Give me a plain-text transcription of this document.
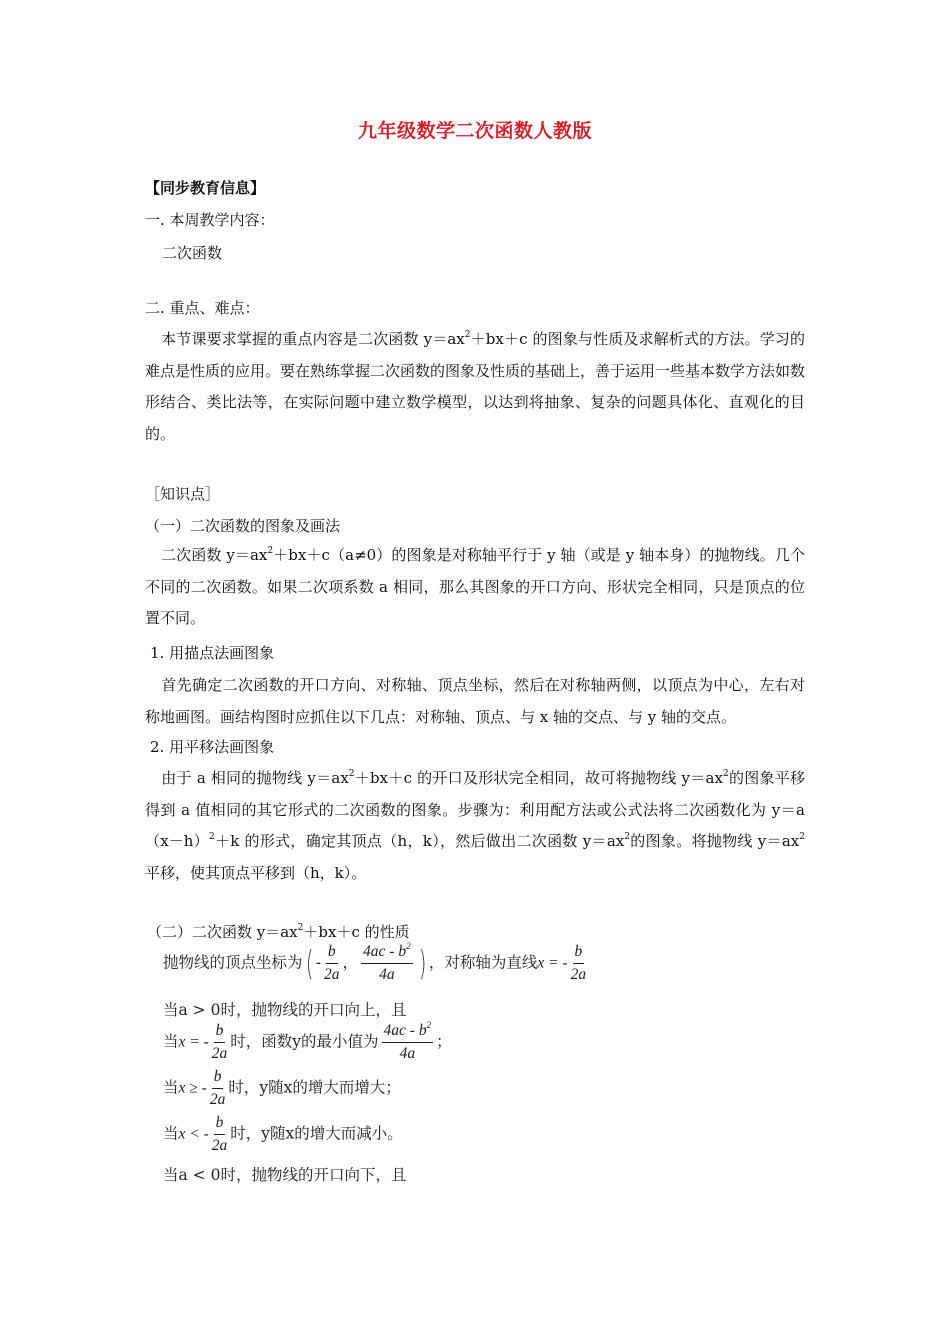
九年级数学二次函数人教版
【同步教育信息】
一. 本周教学内容：
二次函数
二. 重点、难点：
本节课要求掌握的重点内容是二次函数 $y=ax^2+bx+c$ 的图象与性质及求解析式的方法。学习的难点是性质的应用。要在熟练掌握二次函数的图象及性质的基础上，善于运用一些基本数学方法如数形结合、类比法等，在实际问题中建立数学模型，以达到将抽象、复杂的问题具体化、直观化的目的。
［知识点］
（一）二次函数的图象及画法
二次函数 $y=ax^2+bx+c(a\ne 0)$的图象是对称轴平行于 y 轴（或是 y 轴本身）的抛物线。几个不同的二次函数。如果二次项系数 a 相同，那么其图象的开口方向、形状完全相同，只是顶点的位置不同。
1. 用描点法画图象
首先确定二次函数的开口方向、对称轴、顶点坐标，然后在对称轴两侧，以顶点为中心，左右对称地画图。画结构图时应抓住以下几点：对称轴、顶点、与 x 轴的交点、与 y 轴的交点。
2. 用平移法画图象
由于 a 相同的抛物线 $y=ax^2+bx+c$ 的开口及形状完全相同，故可将抛物线 $y=ax^2$的图象平移得到 a 值相同的其它形式的二次函数的图象。步骤为：利用配方法或公式法将二次函数化为 $y=a(x-h)^2+k$ 的形式，确定其顶点（h，k），然后做出二次函数 $y=ax^2$的图象。将抛物线 $y=ax^2$平移，使其顶点平移到（h，k）。
（二）二次函数 $y=ax^2+bx+c$ 的性质
抛物线的顶点坐标为( - $\frac{b}{2a}$ ， $\frac{4ac - b^2}{4a}$ ) ，对称轴为直线x = - $\frac{b}{2a}$
当a > 0时，抛物线的开口向上，且
当x = - $\frac{b}{2a}$ 时，函数y的最小值为 $\frac{4ac - b^2}{4a}$ ；
当x ≥ - $\frac{b}{2a}$ 时，y随x的增大而增大；
当x < - $\frac{b}{2a}$ 时，y随x的增大而减小。
当a < 0时，抛物线的开口向下，且
